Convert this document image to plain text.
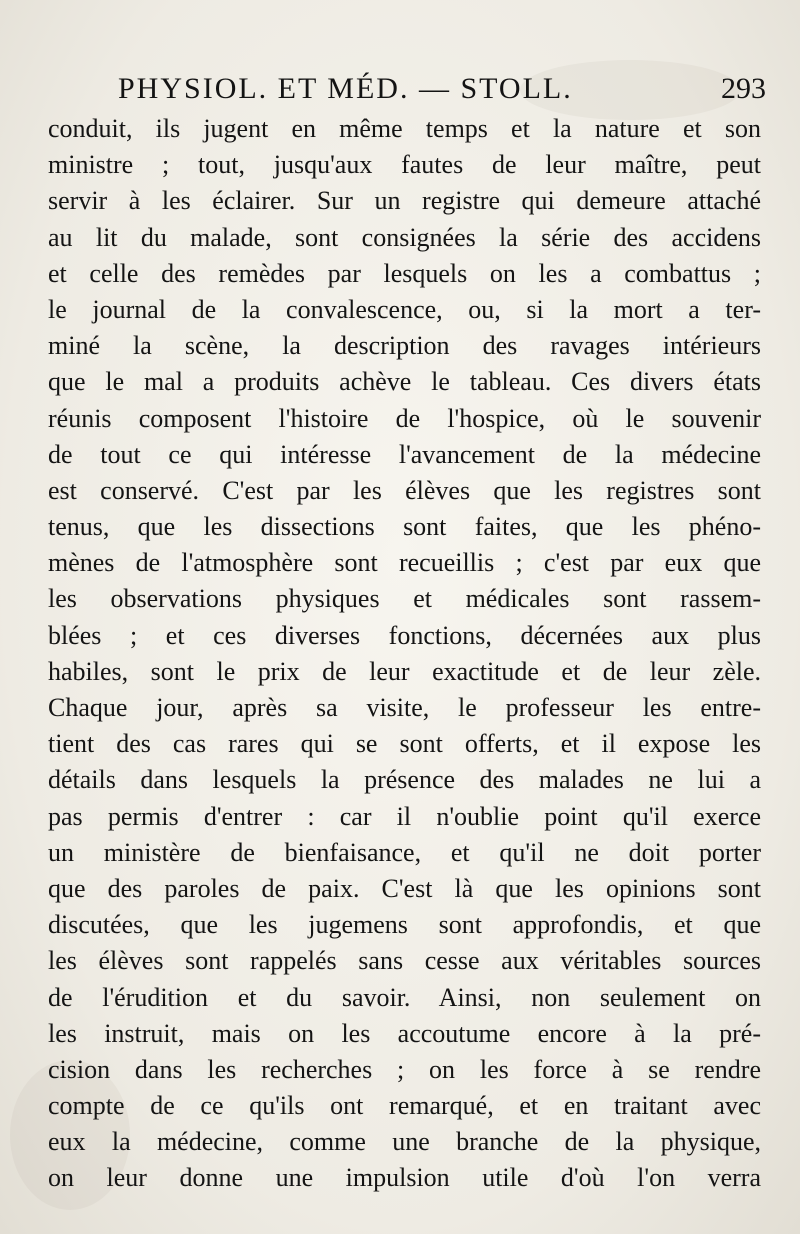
PHYSIOL. ET MÉD. — STOLL.	293
conduit, ils jugent en même temps et la nature et son
ministre ; tout, jusqu'aux fautes de leur maître, peut
servir à les éclairer. Sur un registre qui demeure attaché
au lit du malade, sont consignées la série des accidens
et celle des remèdes par lesquels on les a combattus ;
le journal de la convalescence, ou, si la mort a ter-
miné la scène, la description des ravages intérieurs
que le mal a produits achève le tableau. Ces divers états
réunis composent l'histoire de l'hospice, où le souvenir
de tout ce qui intéresse l'avancement de la médecine
est conservé. C'est par les élèves que les registres sont
tenus, que les dissections sont faites, que les phéno-
mènes de l'atmosphère sont recueillis ; c'est par eux que
les observations physiques et médicales sont rassem-
blées ; et ces diverses fonctions, décernées aux plus
habiles, sont le prix de leur exactitude et de leur zèle.
Chaque jour, après sa visite, le professeur les entre-
tient des cas rares qui se sont offerts, et il expose les
détails dans lesquels la présence des malades ne lui a
pas permis d'entrer : car il n'oublie point qu'il exerce
un ministère de bienfaisance, et qu'il ne doit porter
que des paroles de paix. C'est là que les opinions sont
discutées, que les jugemens sont approfondis, et que
les élèves sont rappelés sans cesse aux véritables sources
de l'érudition et du savoir. Ainsi, non seulement on
les instruit, mais on les accoutume encore à la pré-
cision dans les recherches ; on les force à se rendre
compte de ce qu'ils ont remarqué, et en traitant avec
eux la médecine, comme une branche de la physique,
on leur donne une impulsion utile d'où l'on verra
